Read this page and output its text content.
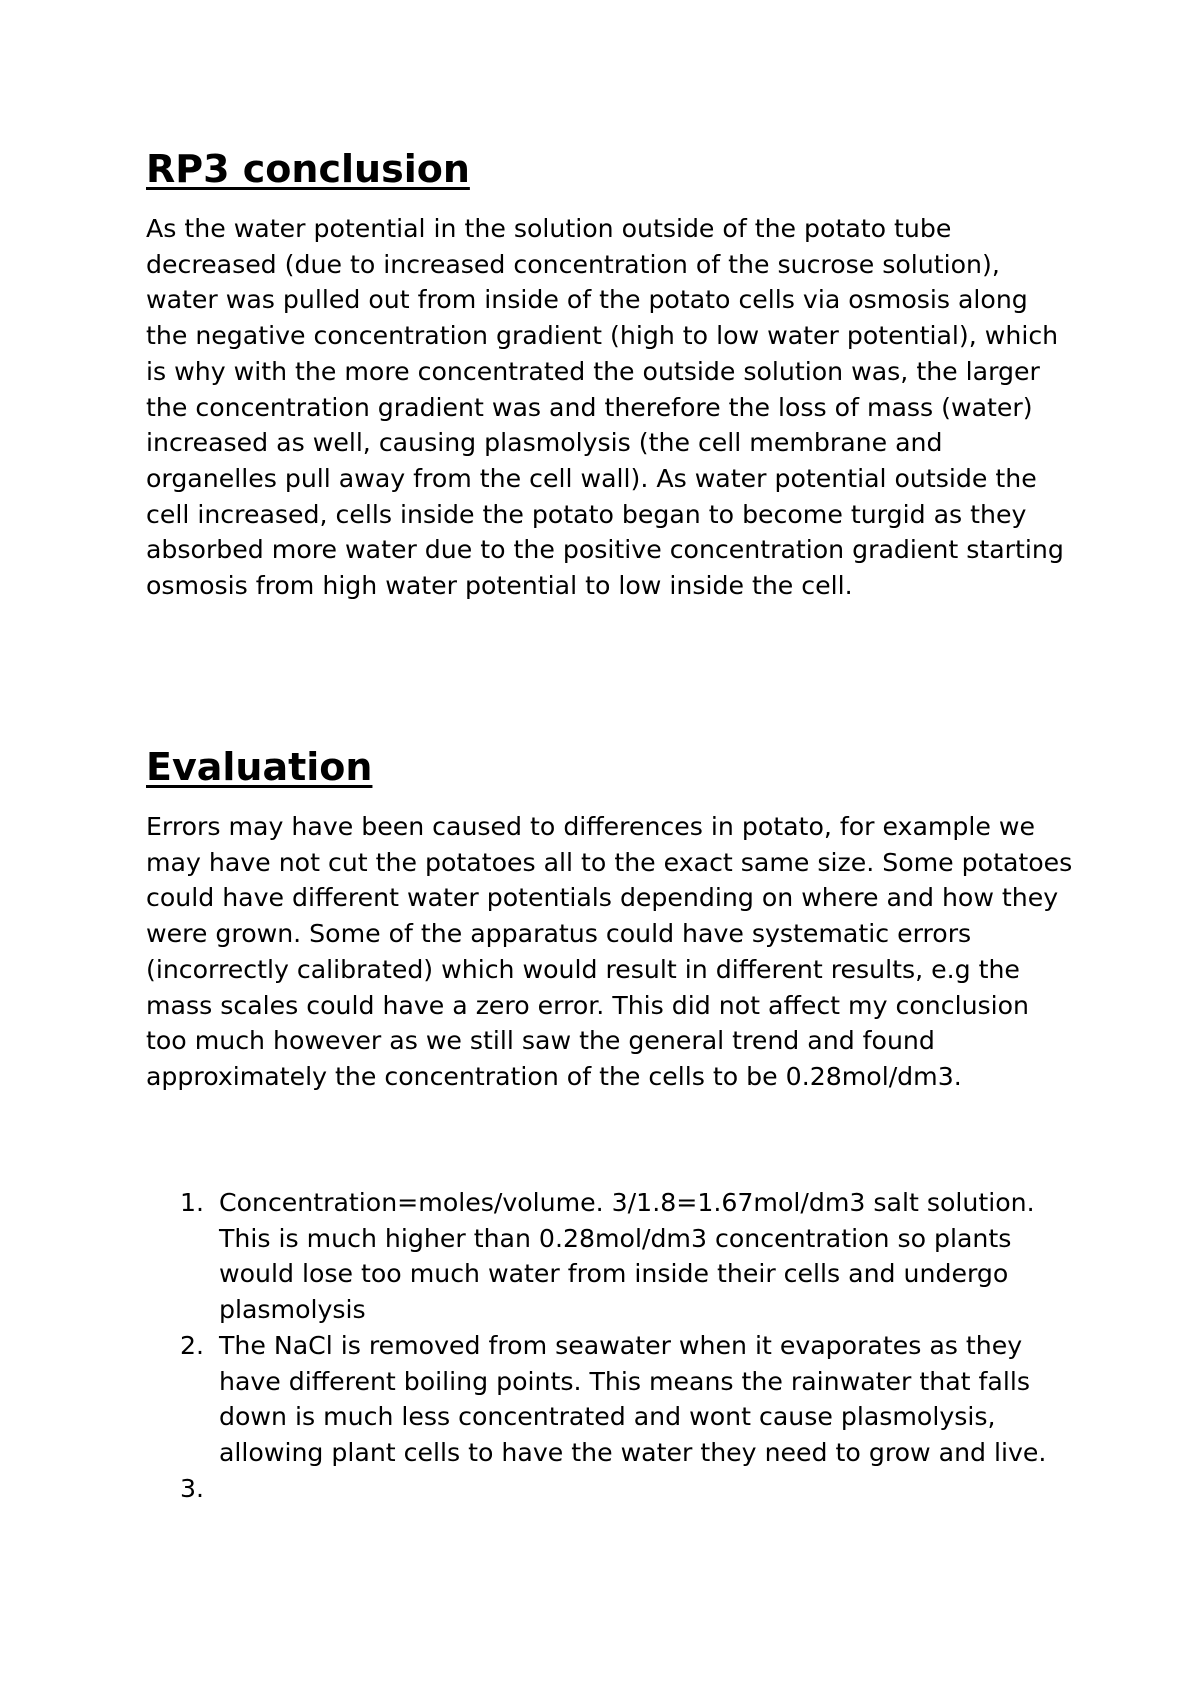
RP3 conclusion

As the water potential in the solution outside of the potato tube decreased (due to increased concentration of the sucrose solution), water was pulled out from inside of the potato cells via osmosis along the negative concentration gradient (high to low water potential), which is why with the more concentrated the outside solution was, the larger the concentration gradient was and therefore the loss of mass (water) increased as well, causing plasmolysis (the cell membrane and organelles pull away from the cell wall). As water potential outside the cell increased, cells inside the potato began to become turgid as they absorbed more water due to the positive concentration gradient starting osmosis from high water potential to low inside the cell.

Evaluation

Errors may have been caused to differences in potato, for example we may have not cut the potatoes all to the exact same size. Some potatoes could have different water potentials depending on where and how they were grown. Some of the apparatus could have systematic errors (incorrectly calibrated) which would result in different results, e.g the mass scales could have a zero error. This did not affect my conclusion too much however as we still saw the general trend and found approximately the concentration of the cells to be 0.28mol/dm3.

1. Concentration=moles/volume. 3/1.8=1.67mol/dm3 salt solution. This is much higher than 0.28mol/dm3 concentration so plants would lose too much water from inside their cells and undergo plasmolysis
2. The NaCl is removed from seawater when it evaporates as they have different boiling points. This means the rainwater that falls down is much less concentrated and wont cause plasmolysis, allowing plant cells to have the water they need to grow and live.
3.
